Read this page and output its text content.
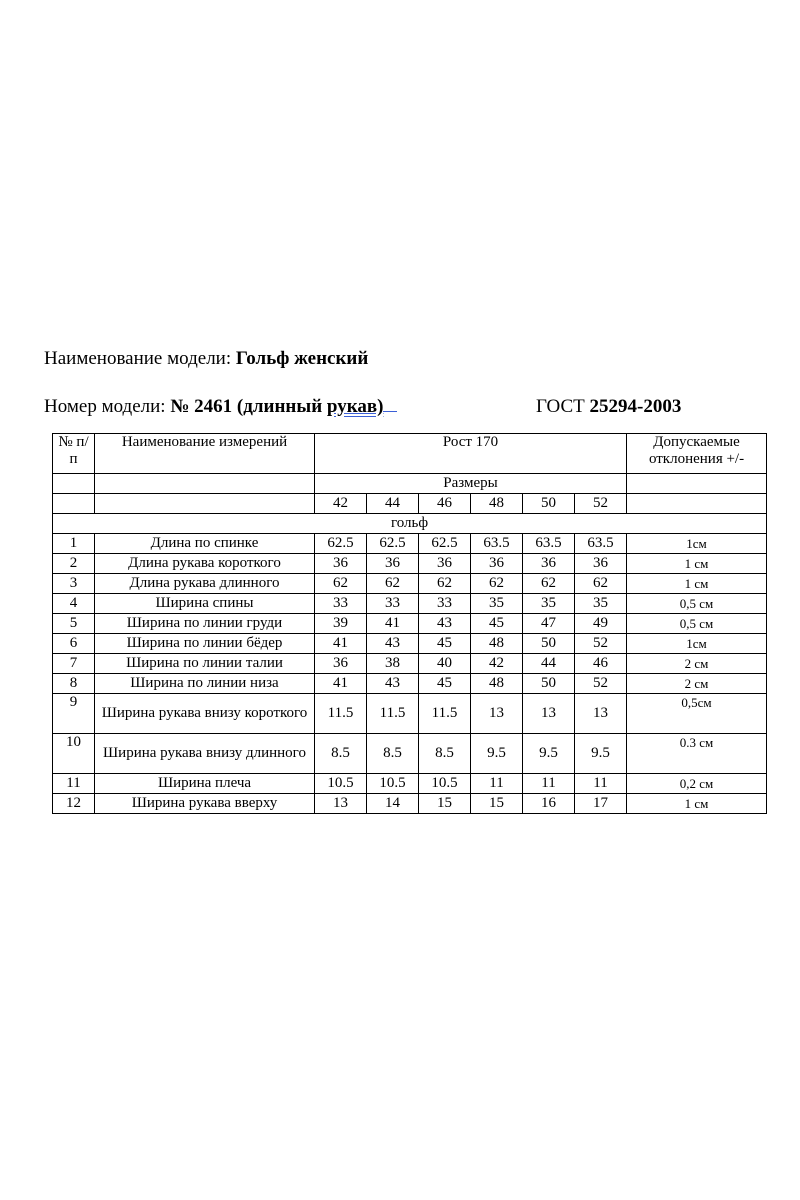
Наименование модели: Гольф женский
Номер модели: № 2461 (длинный рукав)	ГОСТ 25294-2003
№ п/п	Наименование измерений	Рост 170						Допускаемые отклонения +/-
		Размеры						
		42	44	46	48	50	52	
гольф								
1	Длина по спинке	62.5	62.5	62.5	63.5	63.5	63.5	1см
2	Длина рукава короткого	36	36	36	36	36	36	1 см
3	Длина рукава длинного	62	62	62	62	62	62	1 см
4	Ширина спины	33	33	33	35	35	35	0,5 см
5	Ширина по линии груди	39	41	43	45	47	49	0,5 см
6	Ширина по линии бёдер	41	43	45	48	50	52	1см
7	Ширина по линии талии	36	38	40	42	44	46	2 см
8	Ширина по линии низа	41	43	45	48	50	52	2 см
9	Ширина рукава внизу короткого	11.5	11.5	11.5	13	13	13	0,5см
10	Ширина рукава внизу длинного	8.5	8.5	8.5	9.5	9.5	9.5	0.3 см
11	Ширина плеча	10.5	10.5	10.5	11	11	11	0,2 см
12	Ширина рукава вверху	13	14	15	15	16	17	1 см
